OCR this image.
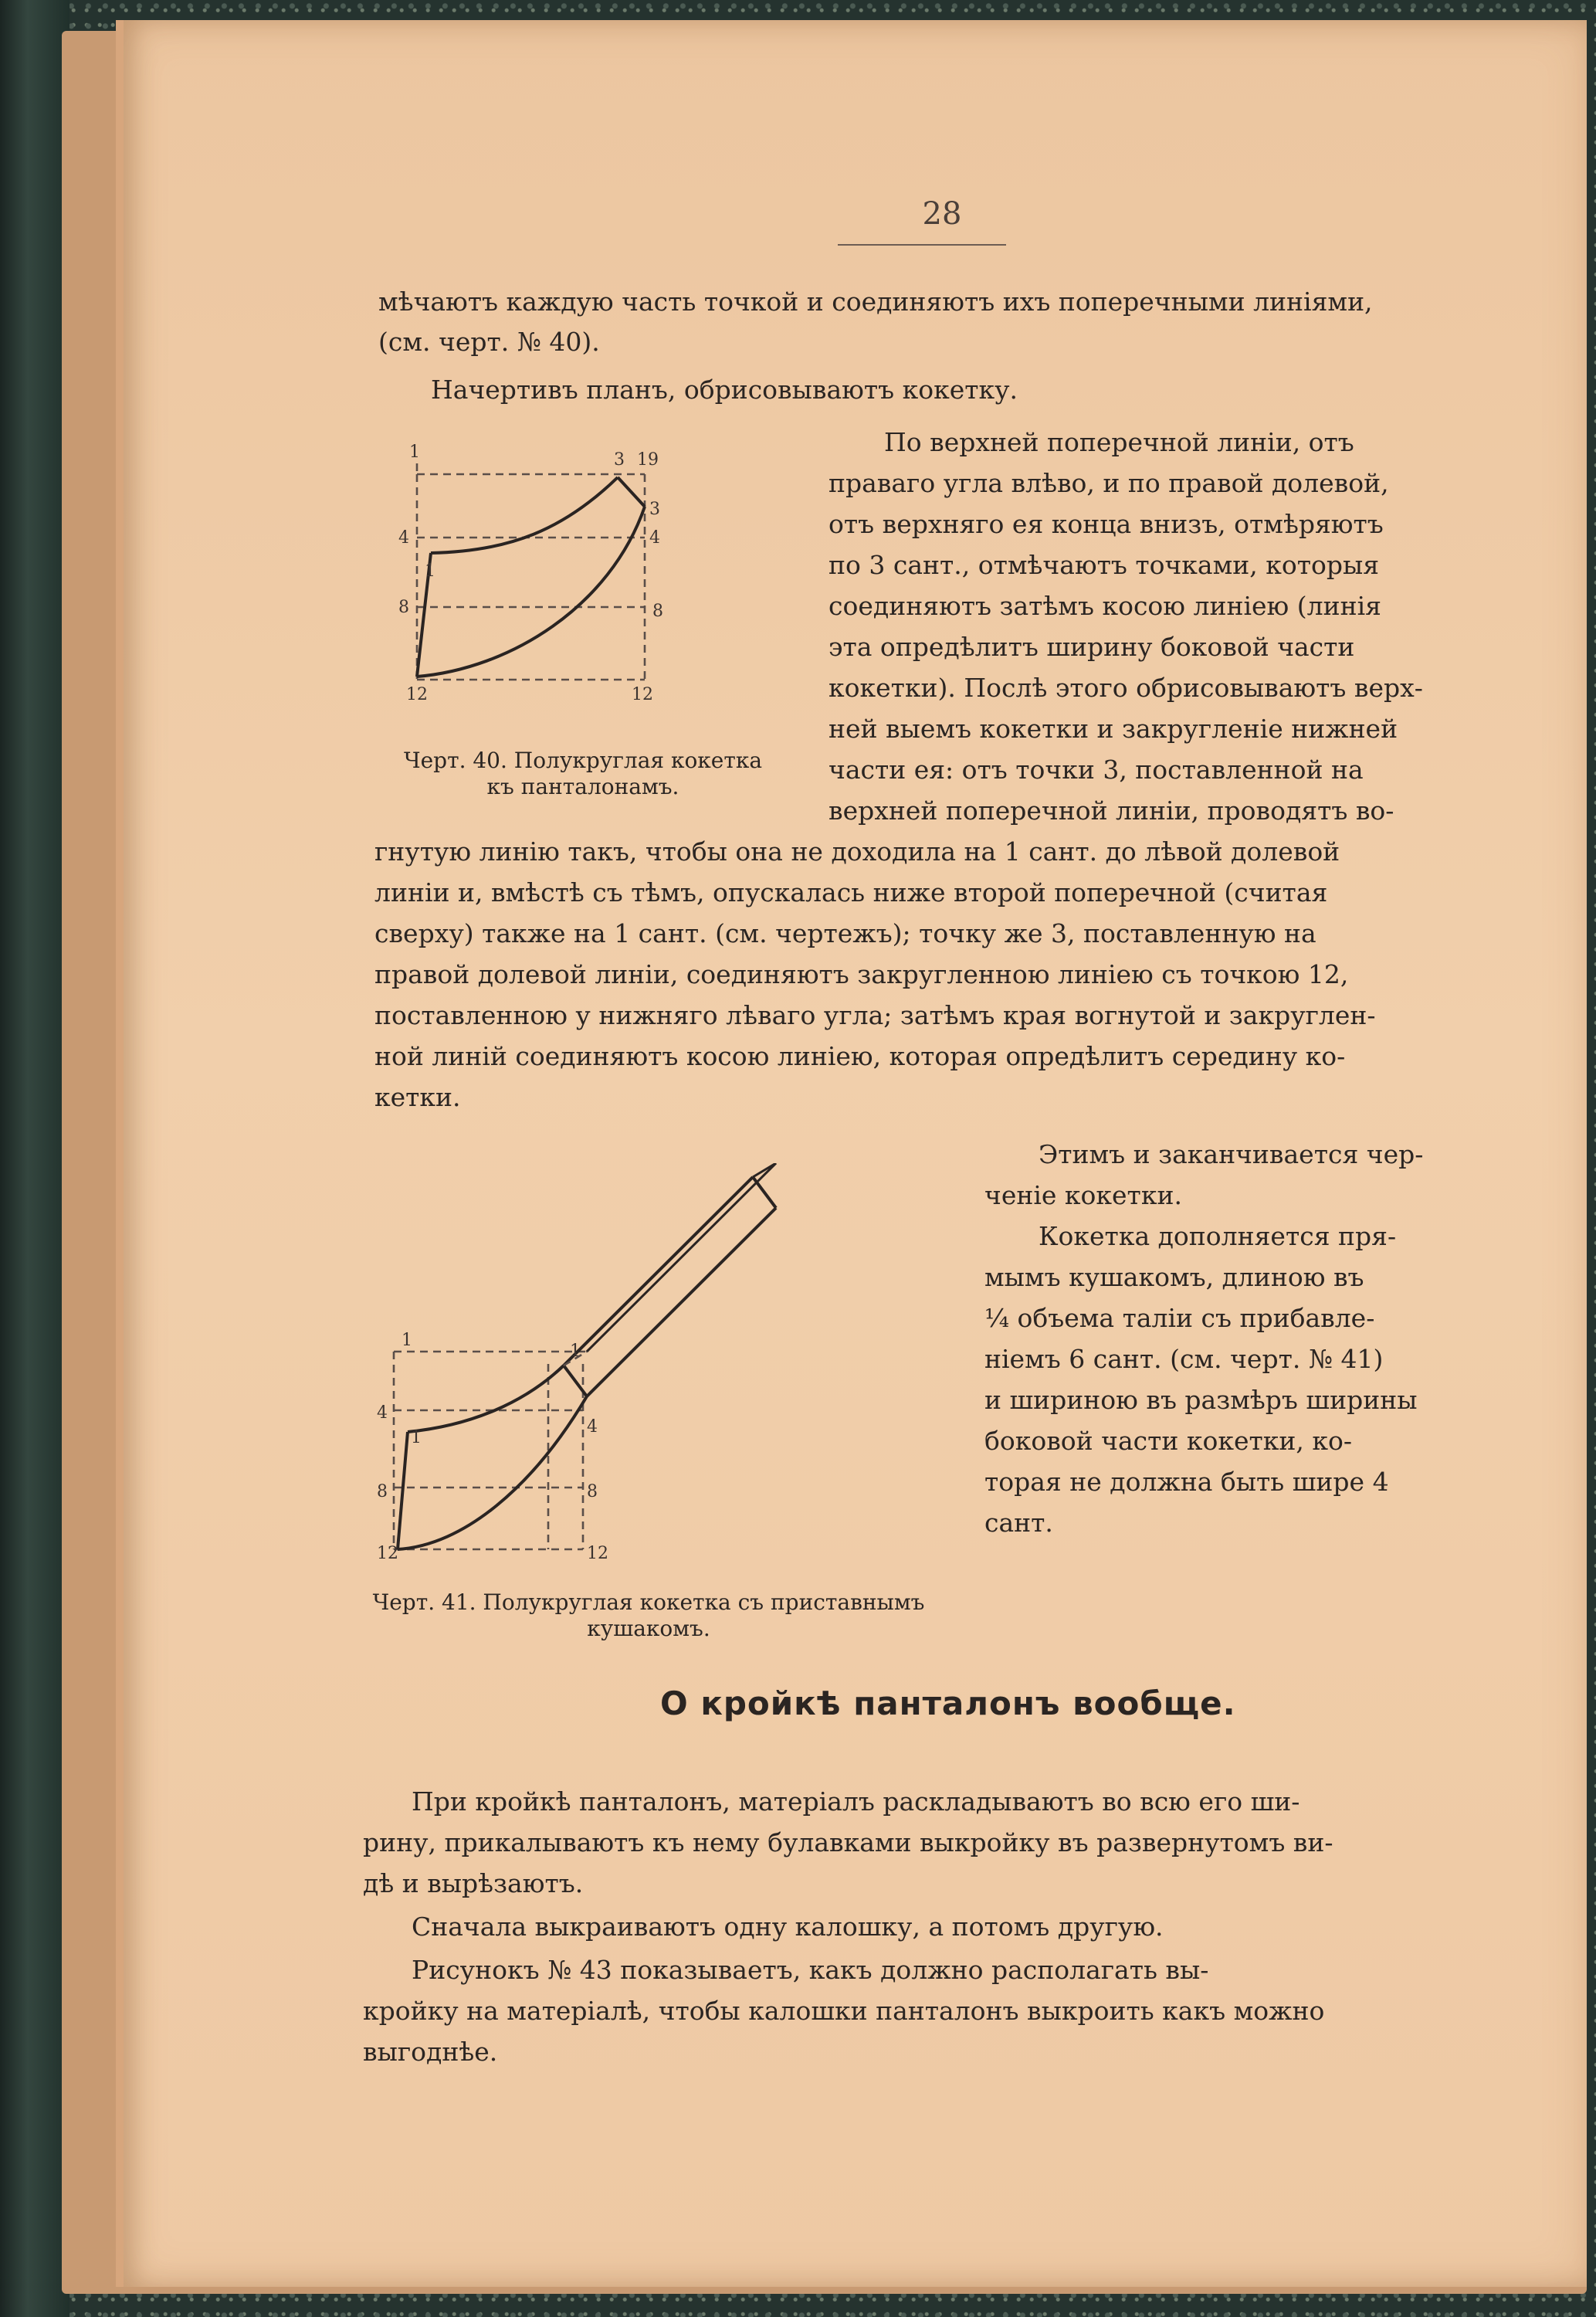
28

мѣчаютъ каждую часть точкой и соединяютъ ихъ поперечными линіями,

(см. черт. № 40).

Начертивъ планъ, обрисовываютъ кокетку.

1	3 19
3
4	4
1
8	8
12	12
Черт. 40. Полукруглая кокетка
къ панталонамъ.

По верхней поперечной линіи, отъ

праваго угла влѣво, и по правой долевой,

отъ верхняго ея конца внизъ, отмѣряютъ

по 3 сант., отмѣчаютъ точками, которыя

соединяютъ затѣмъ косою линіею (линія

эта опредѣлитъ ширину боковой части

кокетки). Послѣ этого обрисовываютъ верх-

ней выемъ кокетки и закругленіе нижней

части ея: отъ точки 3, поставленной на

верхней поперечной линіи, проводятъ во-

гнутую линію такъ, чтобы она не доходила на 1 сант. до лѣвой долевой

линіи и, вмѣстѣ съ тѣмъ, опускалась ниже второй поперечной (считая

сверху) также на 1 сант. (см. чертежъ); точку же 3, поставленную на

правой долевой линіи, соединяютъ закругленною линіею съ точкою 12,

поставленною у нижняго лѣваго угла; затѣмъ края вогнутой и закруглен-

ной линій соединяютъ косою линіею, которая опредѣлитъ середину ко-

кетки.

1
4
1
4
8	8
12	12
1
Черт. 41. Полукруглая кокетка съ приставнымъ
кушакомъ.

Этимъ и заканчивается чер-

ченіе кокетки.

Кокетка дополняется пря-

мымъ кушакомъ, длиною въ

¼ объема таліи съ прибавле-

ніемъ 6 сант. (см. черт. № 41)

и шириною въ размѣръ ширины

боковой части кокетки, ко-

торая не должна быть шире 4

сант.

О кройкѣ панталонъ вообще.

При кройкѣ панталонъ, матеріалъ раскладываютъ во всю его ши-

рину, прикалываютъ къ нему булавками выкройку въ развернутомъ ви-

дѣ и вырѣзаютъ.

Сначала выкраиваютъ одну калошку, а потомъ другую.

Рисунокъ № 43 показываетъ, какъ должно располагать вы-

кройку на матеріалѣ, чтобы калошки панталонъ выкроить какъ можно

выгоднѣе.
